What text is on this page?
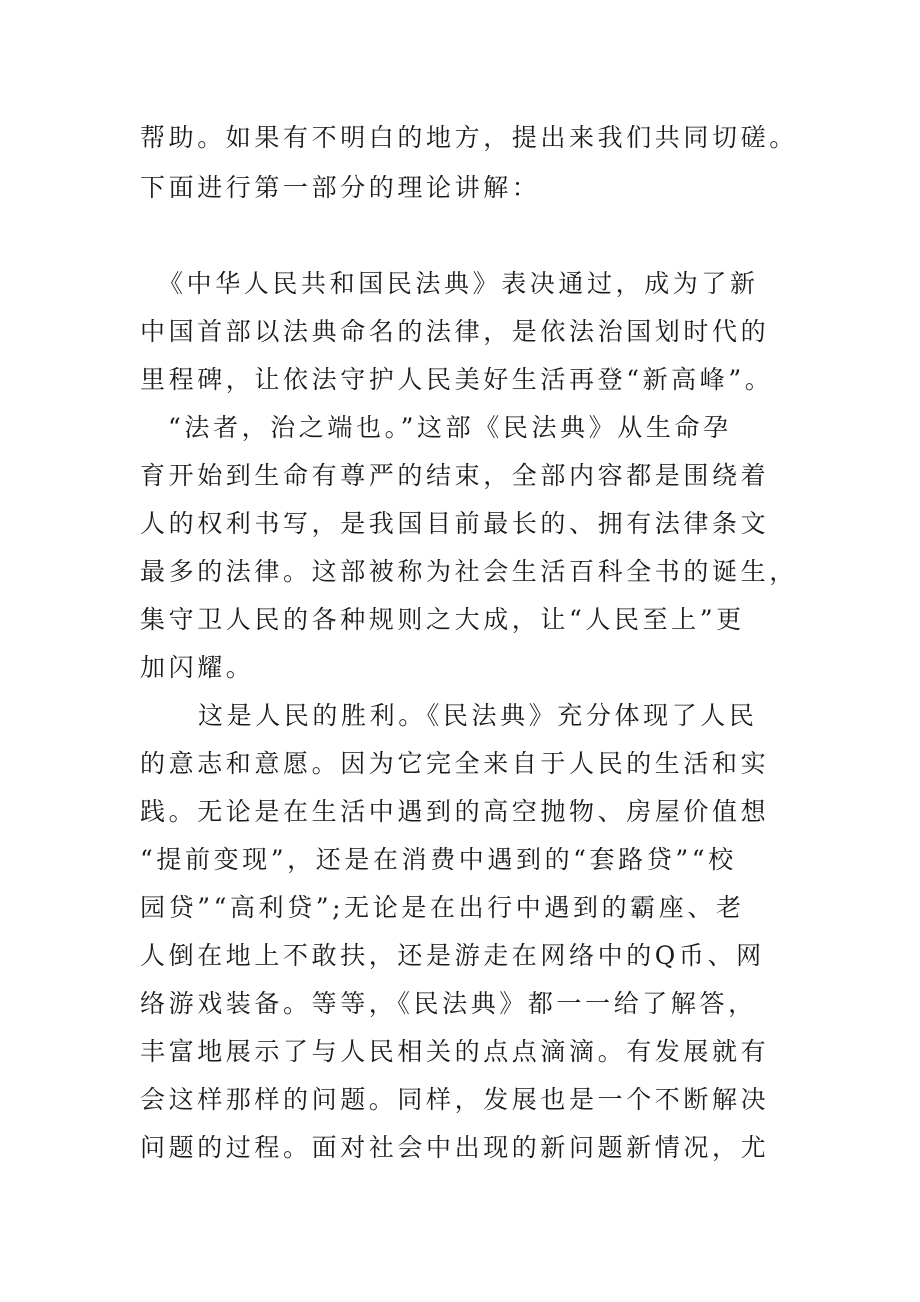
帮助。如果有不明白的地方，提出来我们共同切磋。
下面进行第一部分的理论讲解：
《中华人民共和国民法典》表决通过，成为了新
中国首部以法典命名的法律，是依法治国划时代的
里程碑，让依法守护人民美好生活再登“新高峰”。
“法者，治之端也。”这部《民法典》从生命孕
育开始到生命有尊严的结束，全部内容都是围绕着
人的权利书写，是我国目前最长的、拥有法律条文
最多的法律。这部被称为社会生活百科全书的诞生，
集守卫人民的各种规则之大成，让“人民至上”更
加闪耀。
这是人民的胜利。《民法典》充分体现了人民
的意志和意愿。因为它完全来自于人民的生活和实
践。无论是在生活中遇到的高空抛物、房屋价值想
“提前变现”，还是在消费中遇到的“套路贷”“校
园贷”“高利贷”;无论是在出行中遇到的霸座、老
人倒在地上不敢扶，还是游走在网络中的Q币、网
络游戏装备。等等，《民法典》都一一给了解答，
丰富地展示了与人民相关的点点滴滴。有发展就有
会这样那样的问题。同样，发展也是一个不断解决
问题的过程。面对社会中出现的新问题新情况，尤
